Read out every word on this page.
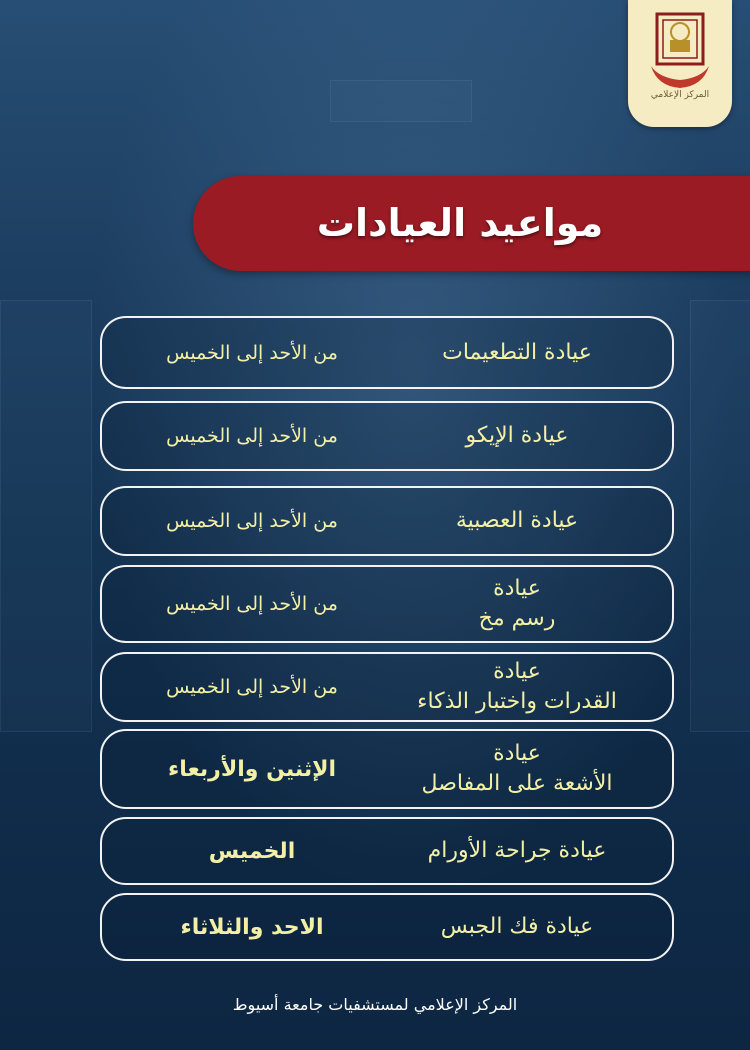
المركز الإعلامي
مواعيد العيادات
عيادة التطعيمات
من الأحد إلى الخميس
عيادة الإيكو
من الأحد إلى الخميس
عيادة العصبية
من الأحد إلى الخميس
عيادة
رسم مخ
من الأحد إلى الخميس
عيادة
القدرات واختبار الذكاء
من الأحد إلى الخميس
عيادة
الأشعة على المفاصل
الإثنين والأربعاء
عيادة جراحة الأورام
الخميس
عيادة فك الجبس
الاحد والثلاثاء
المركز الإعلامي لمستشفيات جامعة أسيوط
